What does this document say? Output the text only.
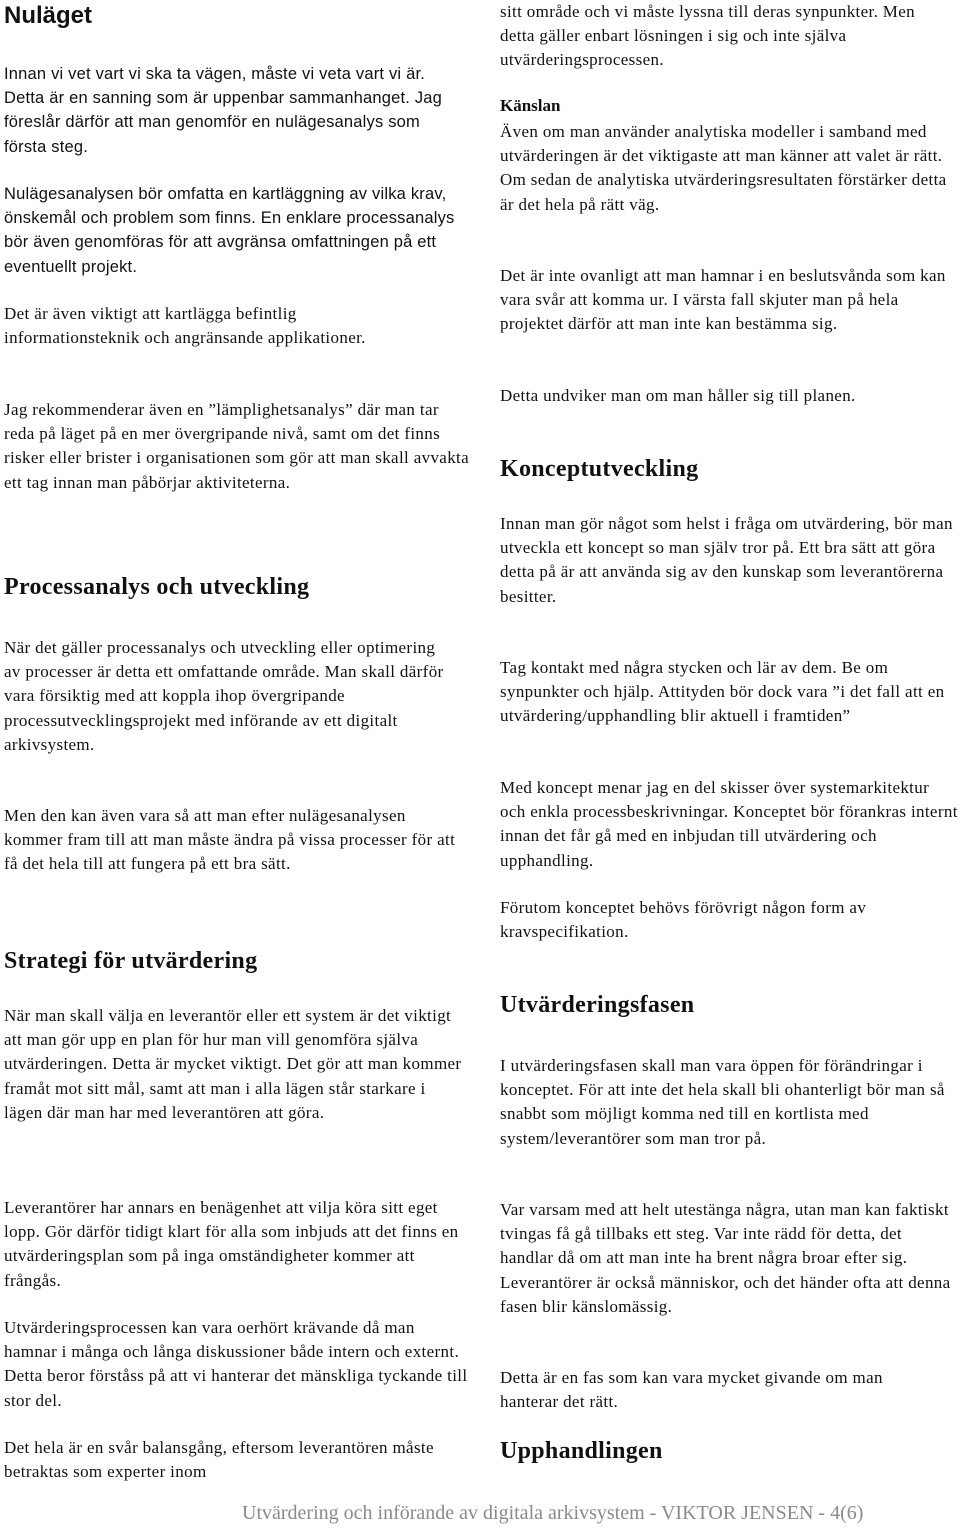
Nuläget
Innan vi vet vart vi ska ta vägen, måste vi veta vart vi är. Detta är en sanning som är uppenbar sammanhanget. Jag föreslår därför att man genomför en nulägesanalys som första steg.
Nulägesanalysen bör omfatta en kartläggning av vilka krav, önskemål och problem som finns. En enklare processanalys bör även genomföras för att avgränsa omfattningen på ett eventuellt projekt.
Det är även viktigt att kartlägga befintlig informationsteknik och angränsande applikationer.
Jag rekommenderar även en ”lämplighetsanalys” där man tar reda på läget på en mer övergripande nivå, samt om det finns risker eller brister i organisationen som gör att man skall avvakta ett tag innan man påbörjar aktiviteterna.
Processanalys och utveckling
När det gäller processanalys och utveckling eller optimering av processer är detta ett omfattande område. Man skall därför vara försiktig med att koppla ihop övergripande processutvecklingsprojekt med införande av ett digitalt arkivsystem.
Men den kan även vara så att man efter nulägesanalysen kommer fram till att man måste ändra på vissa processer för att få det hela till att fungera på ett bra sätt.
Strategi för utvärdering
När man skall välja en leverantör eller ett system är det viktigt att man gör upp en plan för hur man vill genomföra själva utvärderingen. Detta är mycket viktigt. Det gör att man kommer framåt mot sitt mål, samt att man i alla lägen står starkare i lägen där man har med leverantören att göra.
Leverantörer har annars en benägenhet att vilja köra sitt eget lopp. Gör därför tidigt klart för alla som inbjuds att det finns en utvärderingsplan som på inga omständigheter kommer att frångås.
Utvärderingsprocessen kan vara oerhört krävande då man hamnar i många och långa diskussioner både intern och externt. Detta beror förståss på att vi hanterar det mänskliga tyckande till stor del.
Det hela är en svår balansgång, eftersom leverantören måste betraktas som experter inom
sitt område och vi måste lyssna till deras synpunkter. Men detta gäller enbart lösningen i sig och inte själva utvärderingsprocessen.
Känslan
Även om man använder analytiska modeller i samband med utvärderingen är det viktigaste att man känner att valet är rätt. Om sedan de analytiska utvärderingsresultaten förstärker detta är det hela på rätt väg.
Det är inte ovanligt att man hamnar i en beslutsvånda som kan vara svår att komma ur. I värsta fall skjuter man på hela projektet därför att man inte kan bestämma sig.
Detta undviker man om man håller sig till planen.
Konceptutveckling
Innan man gör något som helst i fråga om utvärdering, bör man utveckla ett koncept so man själv tror på. Ett bra sätt att göra detta på är att använda sig av den kunskap som leverantörerna besitter.
Tag kontakt med några stycken och lär av dem. Be om synpunkter och hjälp. Attityden bör dock vara ”i det fall att en utvärdering/upphandling blir aktuell i framtiden”
Med koncept menar jag en del skisser över systemarkitektur och enkla processbeskrivningar. Konceptet bör förankras internt innan det får gå med en inbjudan till utvärdering och upphandling.
Förutom konceptet behövs förövrigt någon form av kravspecifikation.
Utvärderingsfasen
I utvärderingsfasen skall man vara öppen för förändringar i konceptet. För att inte det hela skall bli ohanterligt bör man så snabbt som möjligt komma ned till en kortlista med system/leverantörer som man tror på.
Var varsam med att helt utestänga några, utan man kan faktiskt tvingas få gå tillbaks ett steg. Var inte rädd för detta, det handlar då om att man inte ha brent några broar efter sig. Leverantörer är också människor, och det händer ofta att denna fasen blir känslomässig.
Detta är en fas som kan vara mycket givande om man hanterar det rätt.
Upphandlingen
Utvärdering och införande av digitala arkivsystem - VIKTOR JENSEN - 4(6)
